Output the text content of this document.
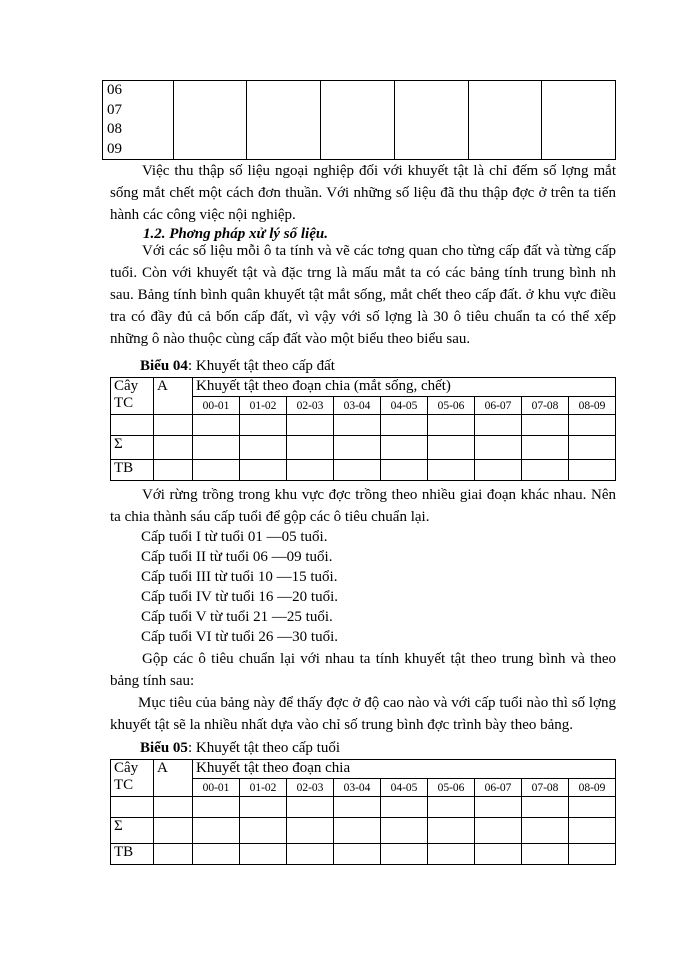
06
07
08
09

Việc thu thập số liệu ngoại nghiệp đối với khuyết tật là chỉ đếm số lợng mắt sống mắt chết một cách đơn thuần. Với những số liệu đã thu thập đợc ở trên ta tiến hành các công việc nội nghiệp.

1.2. Phơng pháp xử lý số liệu.

Với các số liệu mỗi ô ta tính và vẽ các tơng quan cho từng cấp đất và từng cấp tuổi. Còn với khuyết tật và đặc trng là mấu mắt ta có các bảng tính trung bình nh sau. Bảng tính bình quân khuyết tật mắt sống, mắt chết theo cấp đất. ở khu vực điều tra có đầy đủ cả bốn cấp đất, vì vậy với số lợng là 30 ô tiêu chuẩn ta có thể xếp những ô nào thuộc cùng cấp đất vào một biểu theo biểu sau.

Biểu 04: Khuyết tật theo cấp đất

Cây
TC	A	Khuyết tật theo đoạn chia (mắt sống, chết)								
		00-01	01-02	02-03	03-04	04-05	05-06	06-07	07-08	08-09

Σ										
TB										

Với rừng trồng trong khu vực đợc trồng theo nhiều giai đoạn khác nhau. Nên ta chia thành sáu cấp tuổi để gộp các ô tiêu chuẩn lại.

Cấp tuổi I từ tuổi 01 —05 tuổi.

Cấp tuổi II từ tuổi 06 —09 tuổi.

Cấp tuổi III từ tuổi 10 —15 tuổi.

Cấp tuổi IV từ tuổi 16 —20 tuổi.

Cấp tuổi V từ tuổi 21 —25 tuổi.

Cấp tuổi VI từ tuổi 26 —30 tuổi.

Gộp các ô tiêu chuẩn lại với nhau ta tính khuyết tật theo trung bình và theo bảng tính sau:

Mục tiêu của bảng này để thấy đợc ở độ cao nào và với cấp tuổi nào thì số lợng khuyết tật sẽ la nhiều nhất dựa vào chỉ số trung bình đợc trình bày theo bảng.

Biểu 05: Khuyết tật theo cấp tuổi

Cây
TC	A	Khuyết tật theo đoạn chia								
		00-01	01-02	02-03	03-04	04-05	05-06	06-07	07-08	08-09

Σ										
TB										
